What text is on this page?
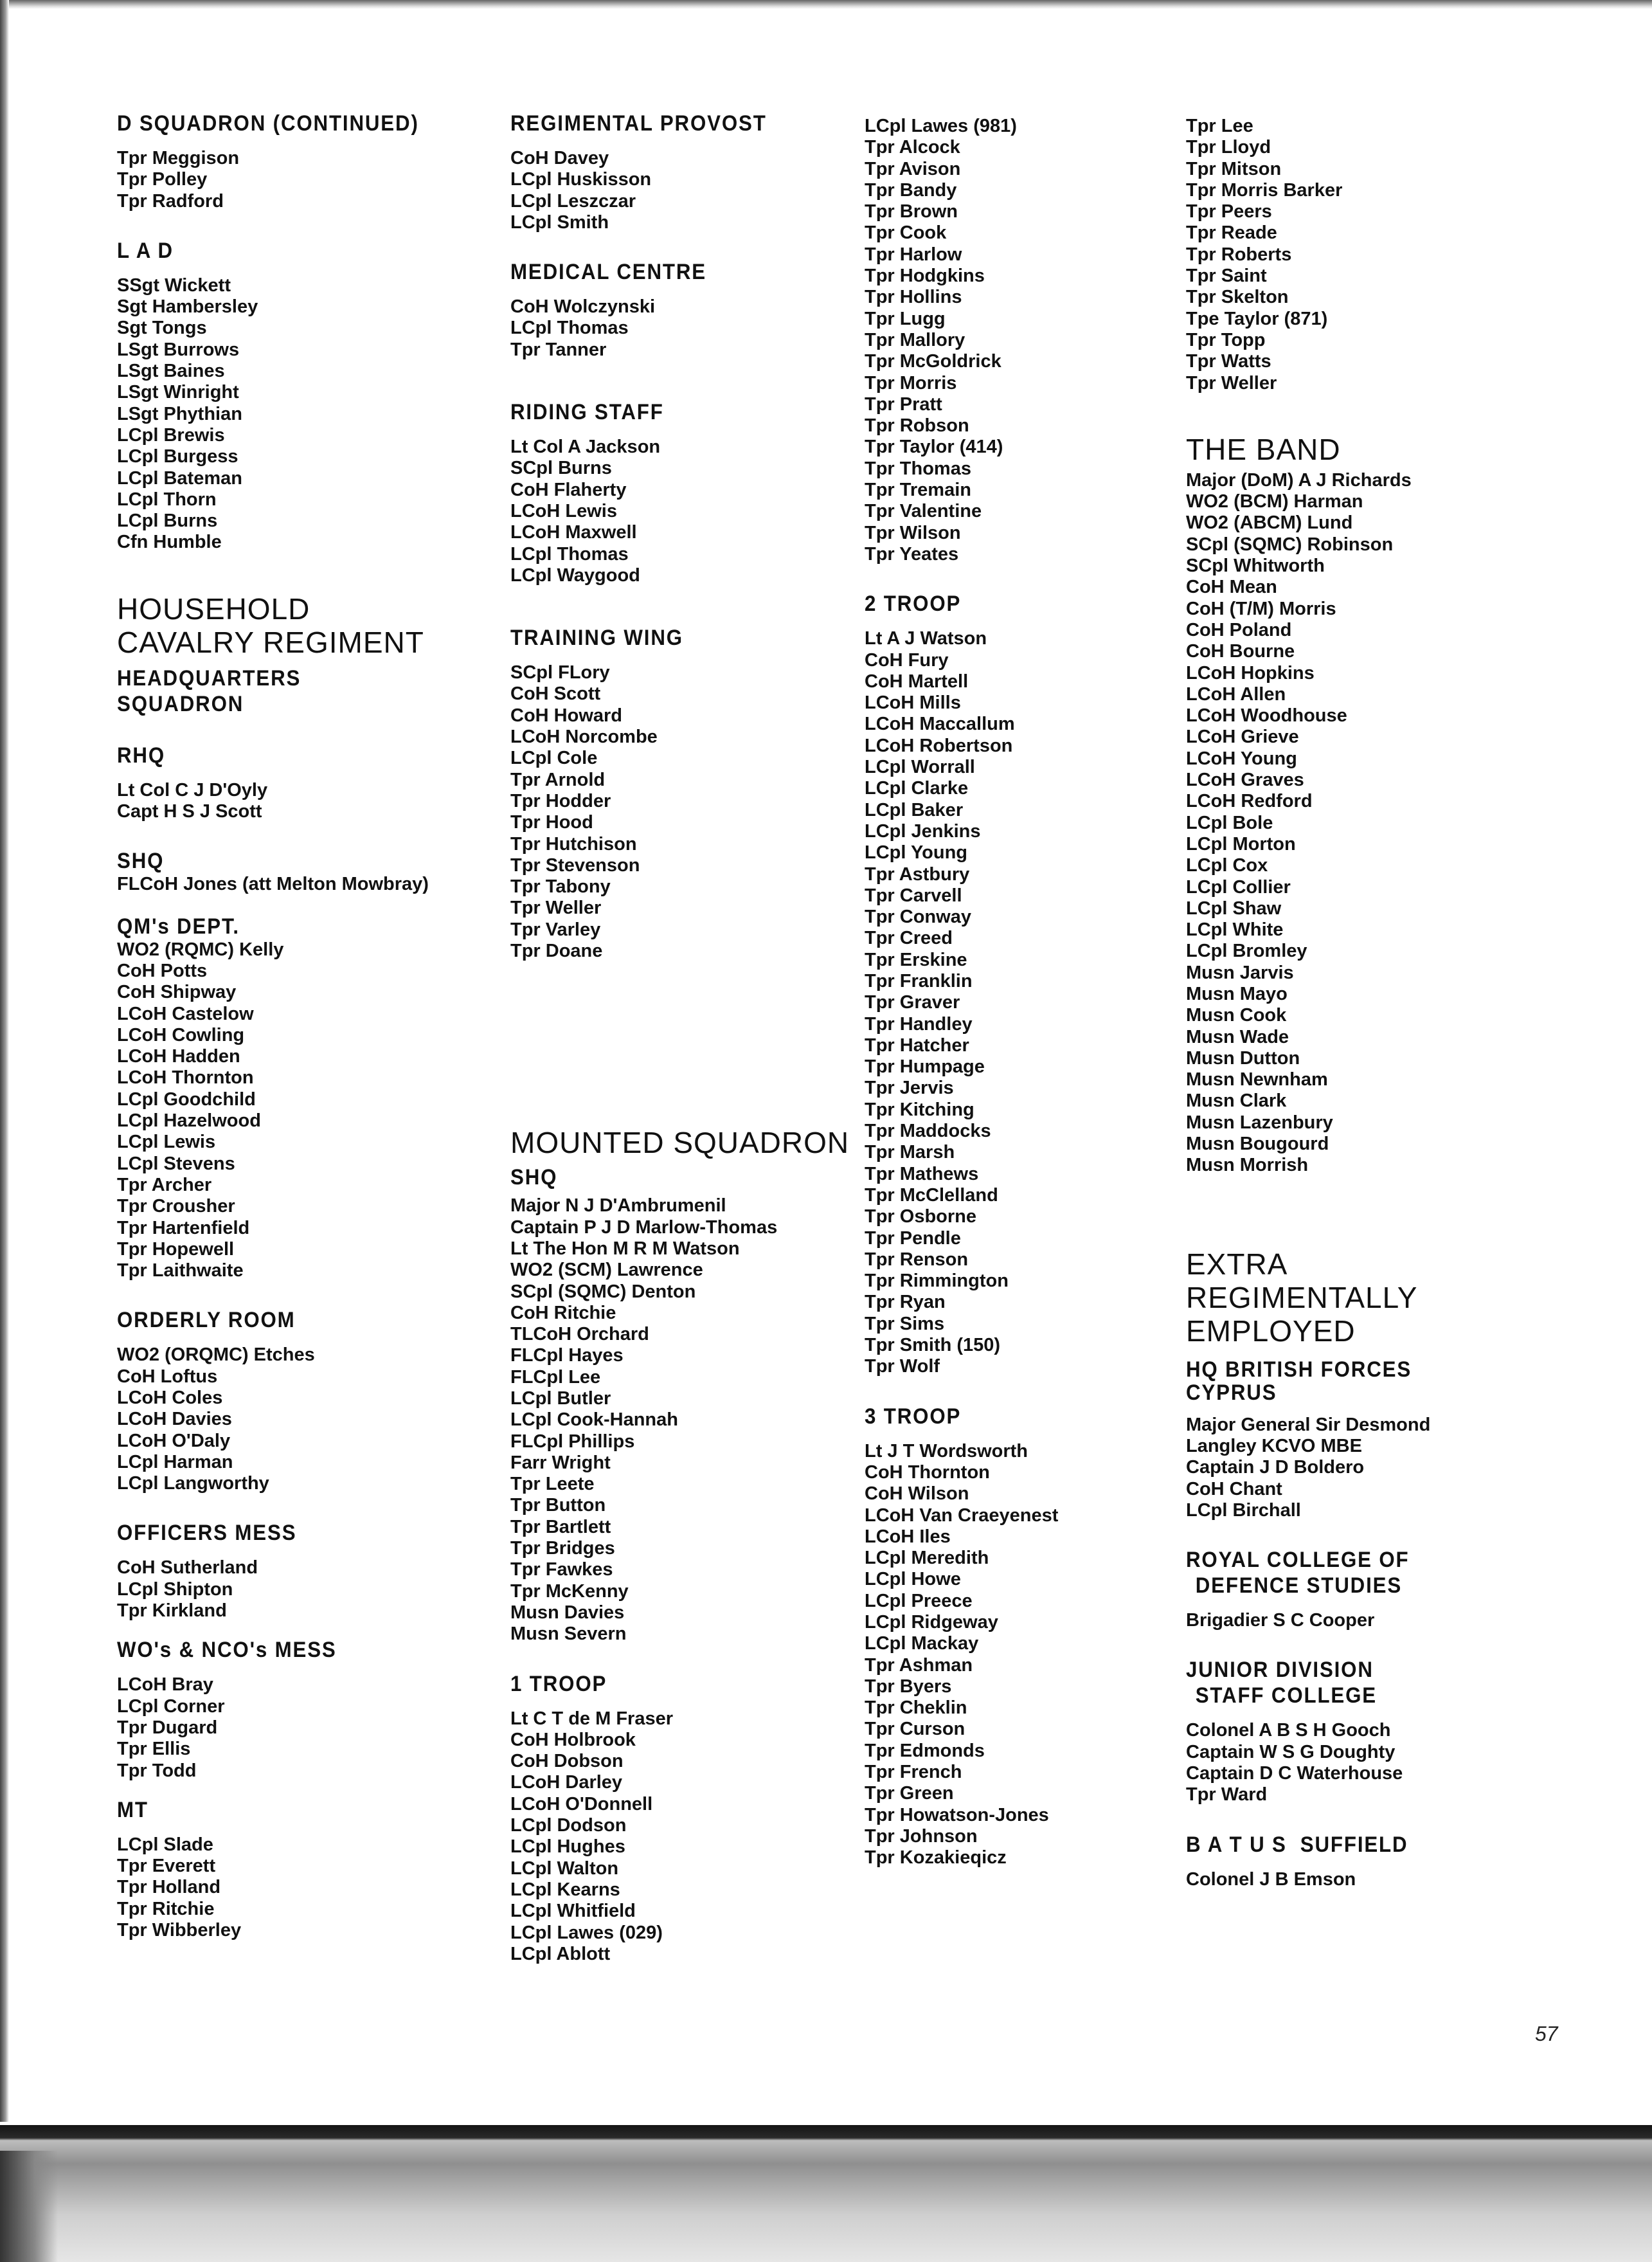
D SQUADRON (CONTINUED)
Tpr Meggison
Tpr Polley
Tpr Radford
L A D
SSgt Wickett
Sgt Hambersley
Sgt Tongs
LSgt Burrows
LSgt Baines
LSgt Winright
LSgt Phythian
LCpl Brewis
LCpl Burgess
LCpl Bateman
LCpl Thorn
LCpl Burns
Cfn Humble
HOUSEHOLD
CAVALRY REGIMENT
HEADQUARTERS
SQUADRON
RHQ
Lt Col C J D'Oyly
Capt H S J Scott
SHQ
FLCoH Jones (att Melton Mowbray)
QM's DEPT.
WO2 (RQMC) Kelly
CoH Potts
CoH Shipway
LCoH Castelow
LCoH Cowling
LCoH Hadden
LCoH Thornton
LCpl Goodchild
LCpl Hazelwood
LCpl Lewis
LCpl Stevens
Tpr Archer
Tpr Crousher
Tpr Hartenfield
Tpr Hopewell
Tpr Laithwaite
ORDERLY ROOM
WO2 (ORQMC) Etches
CoH Loftus
LCoH Coles
LCoH Davies
LCoH O'Daly
LCpl Harman
LCpl Langworthy
OFFICERS MESS
CoH Sutherland
LCpl Shipton
Tpr Kirkland
WO's & NCO's MESS
LCoH Bray
LCpl Corner
Tpr Dugard
Tpr Ellis
Tpr Todd
MT
LCpl Slade
Tpr Everett
Tpr Holland
Tpr Ritchie
Tpr Wibberley
REGIMENTAL PROVOST
CoH Davey
LCpl Huskisson
LCpl Leszczar
LCpl Smith
MEDICAL CENTRE
CoH Wolczynski
LCpl Thomas
Tpr Tanner
RIDING STAFF
Lt Col A Jackson
SCpl Burns
CoH Flaherty
LCoH Lewis
LCoH Maxwell
LCpl Thomas
LCpl Waygood
TRAINING WING
SCpl FLory
CoH Scott
CoH Howard
LCoH Norcombe
LCpl Cole
Tpr Arnold
Tpr Hodder
Tpr Hood
Tpr Hutchison
Tpr Stevenson
Tpr Tabony
Tpr Weller
Tpr Varley
Tpr Doane
MOUNTED SQUADRON
SHQ
Major N J D'Ambrumenil
Captain P J D Marlow-Thomas
Lt The Hon M R M Watson
WO2 (SCM) Lawrence
SCpl (SQMC) Denton
CoH Ritchie
TLCoH Orchard
FLCpl Hayes
FLCpl Lee
LCpl Butler
LCpl Cook-Hannah
FLCpl Phillips
Farr Wright
Tpr Leete
Tpr Button
Tpr Bartlett
Tpr Bridges
Tpr Fawkes
Tpr McKenny
Musn Davies
Musn Severn
1 TROOP
Lt C T de M Fraser
CoH Holbrook
CoH Dobson
LCoH Darley
LCoH O'Donnell
LCpl Dodson
LCpl Hughes
LCpl Walton
LCpl Kearns
LCpl Whitfield
LCpl Lawes (029)
LCpl Ablott
LCpl Lawes (981)
Tpr Alcock
Tpr Avison
Tpr Bandy
Tpr Brown
Tpr Cook
Tpr Harlow
Tpr Hodgkins
Tpr Hollins
Tpr Lugg
Tpr Mallory
Tpr McGoldrick
Tpr Morris
Tpr Pratt
Tpr Robson
Tpr Taylor (414)
Tpr Thomas
Tpr Tremain
Tpr Valentine
Tpr Wilson
Tpr Yeates
2 TROOP
Lt A J Watson
CoH Fury
CoH Martell
LCoH Mills
LCoH Maccallum
LCoH Robertson
LCpl Worrall
LCpl Clarke
LCpl Baker
LCpl Jenkins
LCpl Young
Tpr Astbury
Tpr Carvell
Tpr Conway
Tpr Creed
Tpr Erskine
Tpr Franklin
Tpr Graver
Tpr Handley
Tpr Hatcher
Tpr Humpage
Tpr Jervis
Tpr Kitching
Tpr Maddocks
Tpr Marsh
Tpr Mathews
Tpr McClelland
Tpr Osborne
Tpr Pendle
Tpr Renson
Tpr Rimmington
Tpr Ryan
Tpr Sims
Tpr Smith (150)
Tpr Wolf
3 TROOP
Lt J T Wordsworth
CoH Thornton
CoH Wilson
LCoH Van Craeyenest
LCoH Iles
LCpl Meredith
LCpl Howe
LCpl Preece
LCpl Ridgeway
LCpl Mackay
Tpr Ashman
Tpr Byers
Tpr Cheklin
Tpr Curson
Tpr Edmonds
Tpr French
Tpr Green
Tpr Howatson-Jones
Tpr Johnson
Tpr Kozakieqicz
Tpr Lee
Tpr Lloyd
Tpr Mitson
Tpr Morris Barker
Tpr Peers
Tpr Reade
Tpr Roberts
Tpr Saint
Tpr Skelton
Tpe Taylor (871)
Tpr Topp
Tpr Watts
Tpr Weller
THE BAND
Major (DoM) A J Richards
WO2 (BCM) Harman
WO2 (ABCM) Lund
SCpl (SQMC) Robinson
SCpl Whitworth
CoH Mean
CoH (T/M) Morris
CoH Poland
CoH Bourne
LCoH Hopkins
LCoH Allen
LCoH Woodhouse
LCoH Grieve
LCoH Young
LCoH Graves
LCoH Redford
LCpl Bole
LCpl Morton
LCpl Cox
LCpl Collier
LCpl Shaw
LCpl White
LCpl Bromley
Musn Jarvis
Musn Mayo
Musn Cook
Musn Wade
Musn Dutton
Musn Newnham
Musn Clark
Musn Lazenbury
Musn Bougourd
Musn Morrish
EXTRA
REGIMENTALLY
EMPLOYED
HQ BRITISH FORCES
CYPRUS
Major General Sir Desmond Langley KCVO MBE
Captain J D Boldero
CoH Chant
LCpl Birchall
ROYAL COLLEGE OF
DEFENCE STUDIES
Brigadier S C Cooper
JUNIOR DIVISION
STAFF COLLEGE
Colonel A B S H Gooch
Captain W S G Doughty
Captain D C Waterhouse
Tpr Ward
B A T U S  SUFFIELD
Colonel J B Emson
57
